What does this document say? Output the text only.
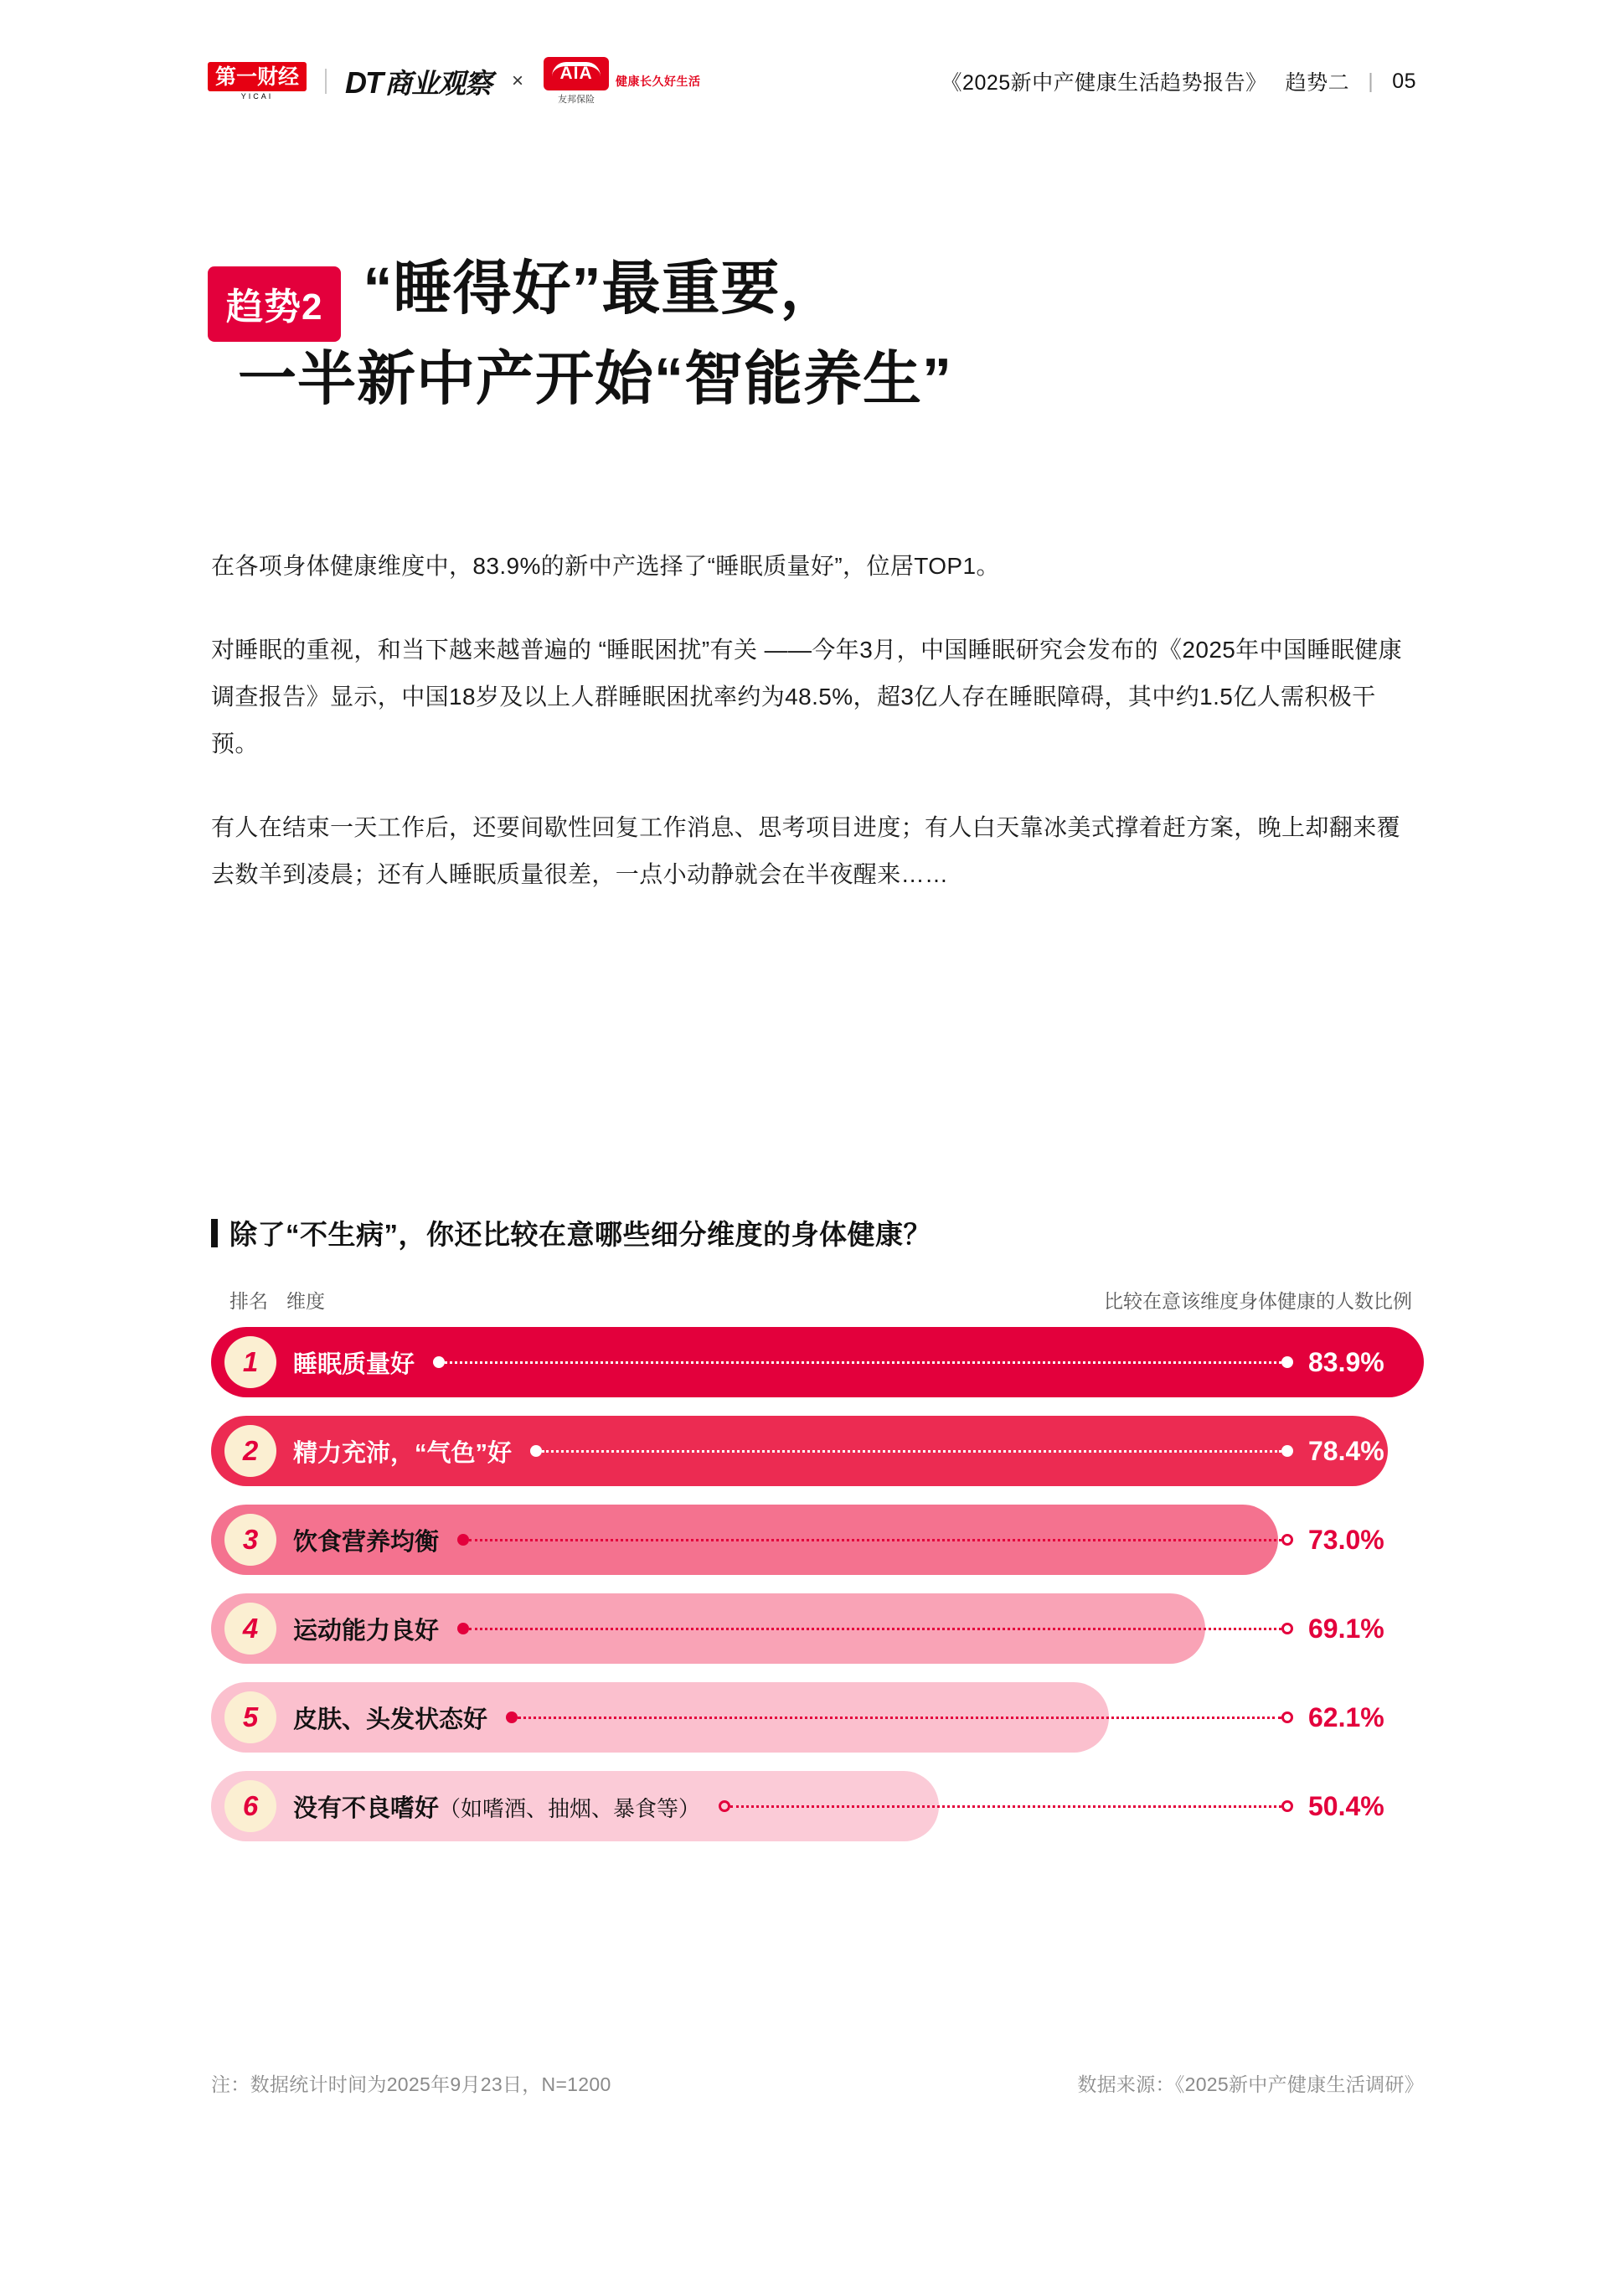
第一财经
YICAI DT 商业观察 ×	AIA
友邦保险
健康长久好生活	《2025新中产健康生活趋势报告》 趋势二 | 05
趋势2 “睡得好”最重要，
一半新中产开始“智能养生”

在各项身体健康维度中，83.9%的新中产选择了“睡眠质量好”，位居TOP1。

对睡眠的重视，和当下越来越普遍的 “睡眠困扰”有关 ——今年3月，中国睡眠研究会发布的《2025年中国睡眠健康调查报告》显示，中国18岁及以上人群睡眠困扰率约为48.5%，超3亿人存在睡眠障碍，其中约1.5亿人需积极干预。

有人在结束一天工作后，还要间歇性回复工作消息、思考项目进度；有人白天靠冰美式撑着赶方案，晚上却翻来覆去数羊到凌晨；还有人睡眠质量很差，一点小动静就会在半夜醒来……

除了“不生病”，你还比较在意哪些细分维度的身体健康？
排名 维度	比较在意该维度身体健康的人数比例
1	睡眠质量好	83.9%
2	精力充沛，“气色”好	78.4%
3	饮食营养均衡	73.0%
4	运动能力良好	69.1%
5	皮肤、头发状态好	62.1%
6	没有不良嗜好（如嗜酒、抽烟、暴食等）	50.4%
注：数据统计时间为2025年9月23日，N=1200	数据来源：《2025新中产健康生活调研》
